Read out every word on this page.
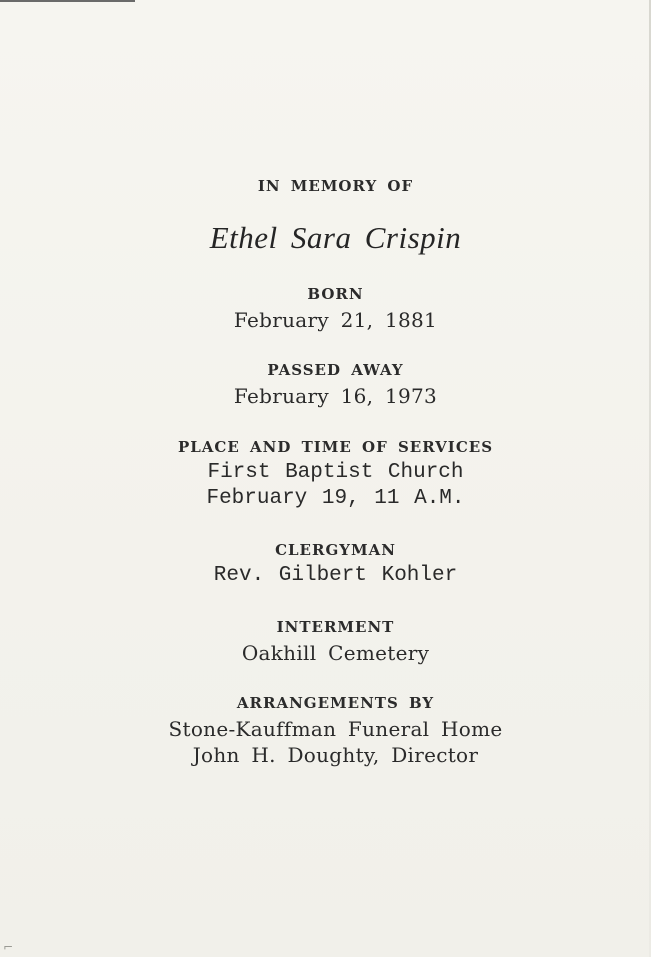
IN MEMORY OF
Ethel Sara Crispin
BORN
February 21, 1881
PASSED AWAY
February 16, 1973
PLACE AND TIME OF SERVICES
First Baptist Church
February 19, 11 A.M.
CLERGYMAN
Rev. Gilbert Kohler
INTERMENT
Oakhill Cemetery
ARRANGEMENTS BY
Stone-Kauffman Funeral Home
John H. Doughty, Director
⌐
